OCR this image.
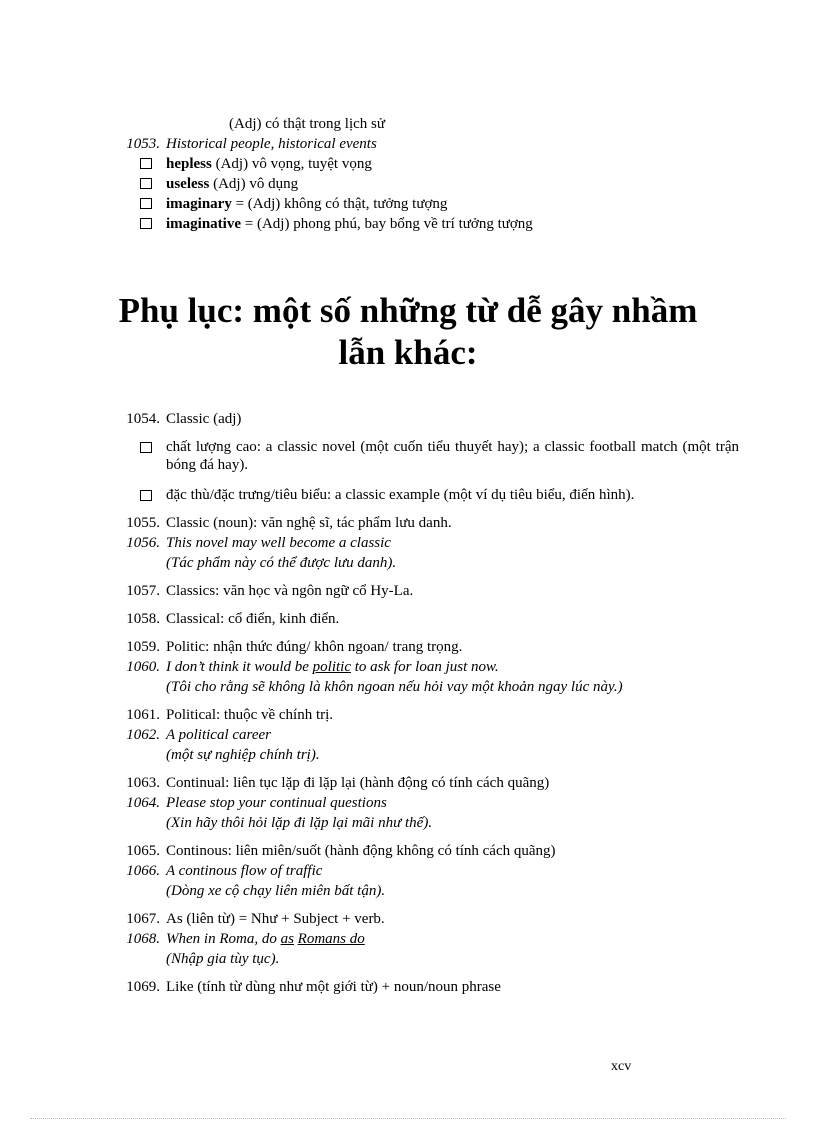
(Adj) có thật trong lịch sử
1053. Historical people, historical events
hepless (Adj) vô vọng, tuyệt vọng
useless (Adj) vô dụng
imaginary = (Adj) không có thật, tưởng tượng
imaginative = (Adj) phong phú, bay bổng về trí tưởng tượng
Phụ lục: một số những từ dễ gây nhầm
lẫn khác:
1054. Classic (adj)
chất lượng cao: a classic novel (một cuốn tiểu thuyết hay); a classic football match (một trận bóng đá hay).
đặc thù/đặc trưng/tiêu biểu: a classic example (một ví dụ tiêu biểu, điển hình).
1055. Classic (noun): văn nghệ sĩ, tác phẩm lưu danh.
1056. This novel may well become a classic
(Tác phẩm này có thể được lưu danh).
1057. Classics: văn học và ngôn ngữ cổ Hy-La.
1058. Classical: cổ điển, kinh điển.
1059. Politic: nhận thức đúng/ khôn ngoan/ trang trọng.
1060. I don’t think it would be politic to ask for loan just now.
(Tôi cho rằng sẽ không là khôn ngoan nếu hỏi vay một khoản ngay lúc này.)
1061. Political: thuộc về chính trị.
1062. A political career
(một sự nghiệp chính trị).
1063. Continual: liên tục lặp đi lặp lại (hành động có tính cách quãng)
1064. Please stop your continual questions
(Xin hãy thôi hỏi lặp đi lặp lại mãi như thế).
1065. Continous: liên miên/suốt (hành động không có tính cách quãng)
1066. A continous flow of traffic
(Dòng xe cộ chạy liên miên bất tận).
1067. As (liên từ) = Như + Subject + verb.
1068. When in Roma, do as Romans do
(Nhập gia tùy tục).
1069. Like (tính từ dùng như một giới từ) + noun/noun phrase
xcv
